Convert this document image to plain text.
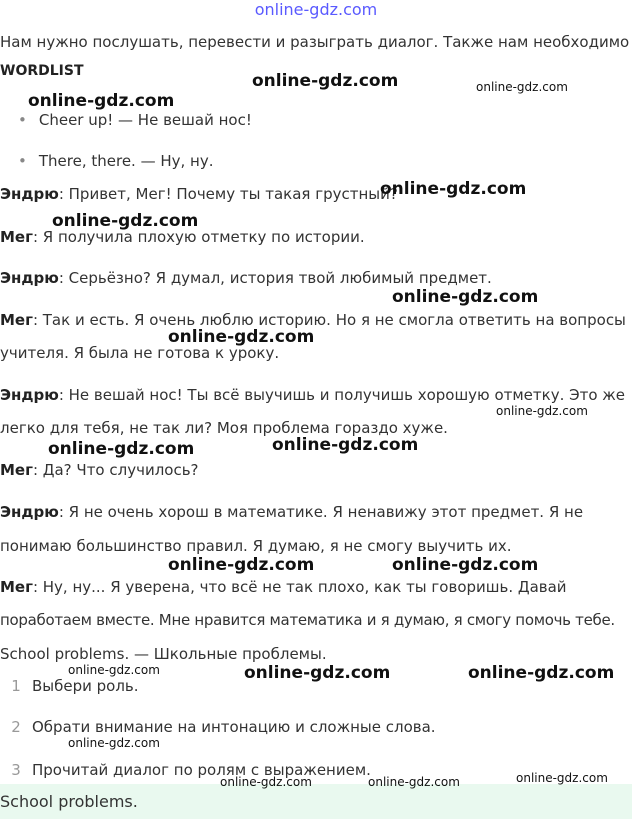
online-gdz.com
Нам нужно послушать, перевести и разыграть диалог. Также нам необходимо
WORDLIST
• Cheer up! — Не вешай нос!
• There, there. — Ну, ну.
Эндрю: Привет, Мег! Почему ты такая грустный?
Мег: Я получила плохую отметку по истории.
Эндрю: Серьёзно? Я думал, история твой любимый предмет.
Мег: Так и есть. Я очень люблю историю. Но я не смогла ответить на вопросы
учителя. Я была не готова к уроку.
Эндрю: Не вешай нос! Ты всё выучишь и получишь хорошую отметку. Это же
легко для тебя, не так ли? Моя проблема гораздо хуже.
Мег: Да? Что случилось?
Эндрю: Я не очень хорош в математике. Я ненавижу этот предмет. Я не
понимаю большинство правил. Я думаю, я не смогу выучить их.
Мег: Ну, ну... Я уверена, что всё не так плохо, как ты говоришь. Давай
поработаем вместе. Мне нравится математика и я думаю, я смогу помочь тебе.
School problems. — Школьные проблемы.
1 Выбери роль.
2 Обрати внимание на интонацию и сложные слова.
3 Прочитай диалог по ролям с выражением.
School problems.
online-gdz.com	online-gdz.com
online-gdz.com
online-gdz.com
online-gdz.com
online-gdz.com
online-gdz.com
online-gdz.com
online-gdz.com
online-gdz.com
online-gdz.com	online-gdz.com
online-gdz.com	online-gdz.com	online-gdz.com
online-gdz.com
online-gdz.com
online-gdz.com	online-gdz.com
